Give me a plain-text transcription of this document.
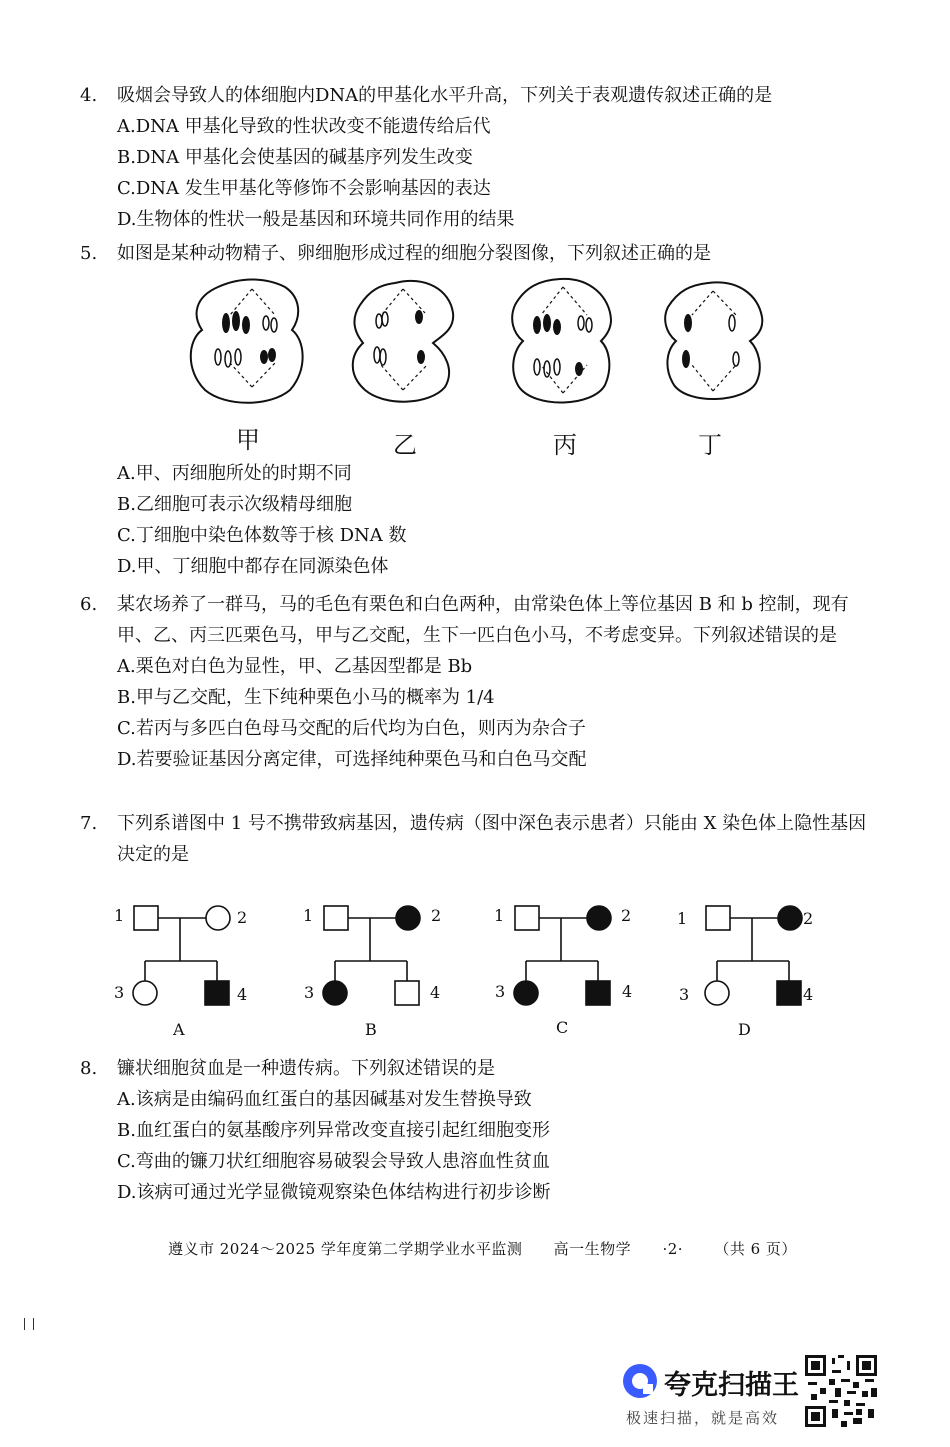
4. 吸烟会导致人的体细胞内DNA的甲基化水平升高，下列关于表观遗传叙述正确的是
A.DNA 甲基化导致的性状改变不能遗传给后代
B.DNA 甲基化会使基因的碱基序列发生改变
C.DNA 发生甲基化等修饰不会影响基因的表达
D.生物体的性状一般是基因和环境共同作用的结果
5. 如图是某种动物精子、卵细胞形成过程的细胞分裂图像，下列叙述正确的是
甲	乙	丙	丁
A.甲、丙细胞所处的时期不同
B.乙细胞可表示次级精母细胞
C.丁细胞中染色体数等于核 DNA 数
D.甲、丁细胞中都存在同源染色体
6. 某农场养了一群马，马的毛色有栗色和白色两种，由常染色体上等位基因 B 和 b 控制，现有甲、乙、丙三匹栗色马，甲与乙交配，生下一匹白色小马，不考虑变异。下列叙述错误的是
A.栗色对白色为显性，甲、乙基因型都是 Bb
B.甲与乙交配，生下纯种栗色小马的概率为 1/4
C.若丙与多匹白色母马交配的后代均为白色，则丙为杂合子
D.若要验证基因分离定律，可选择纯种栗色马和白色马交配
7. 下列系谱图中 1 号不携带致病基因，遗传病（图中深色表示患者）只能由 X 染色体上隐性基因决定的是
1	2
3	4
A
1	2
3	4
B
1	2
3	4
C
1	2
3	4
D
8. 镰状细胞贫血是一种遗传病。下列叙述错误的是
A.该病是由编码血红蛋白的基因碱基对发生替换导致
B.血红蛋白的氨基酸序列异常改变直接引起红细胞变形
C.弯曲的镰刀状红细胞容易破裂会导致人患溶血性贫血
D.该病可通过光学显微镜观察染色体结构进行初步诊断
遵义市 2024～2025 学年度第二学期学业水平监测 高一生物学 ·2· （共 6 页）
夸克扫描王
极速扫描，就是高效
